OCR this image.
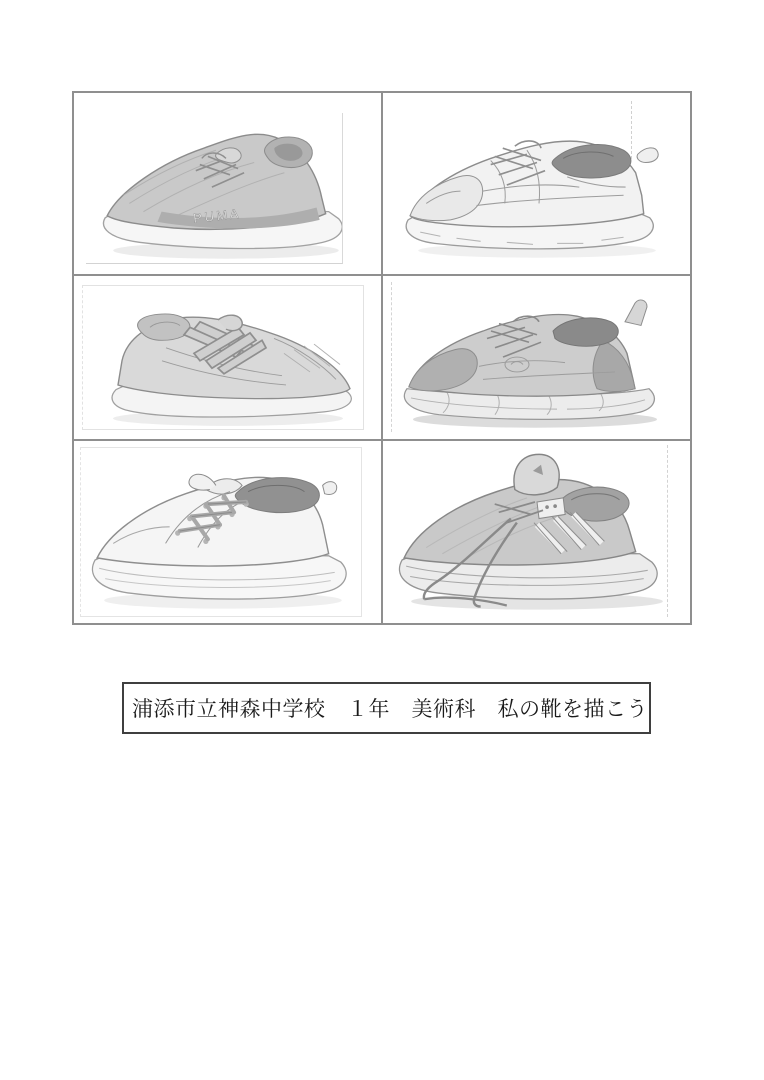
PUMA
浦添市立神森中学校　１年　美術科　私の靴を描こう
